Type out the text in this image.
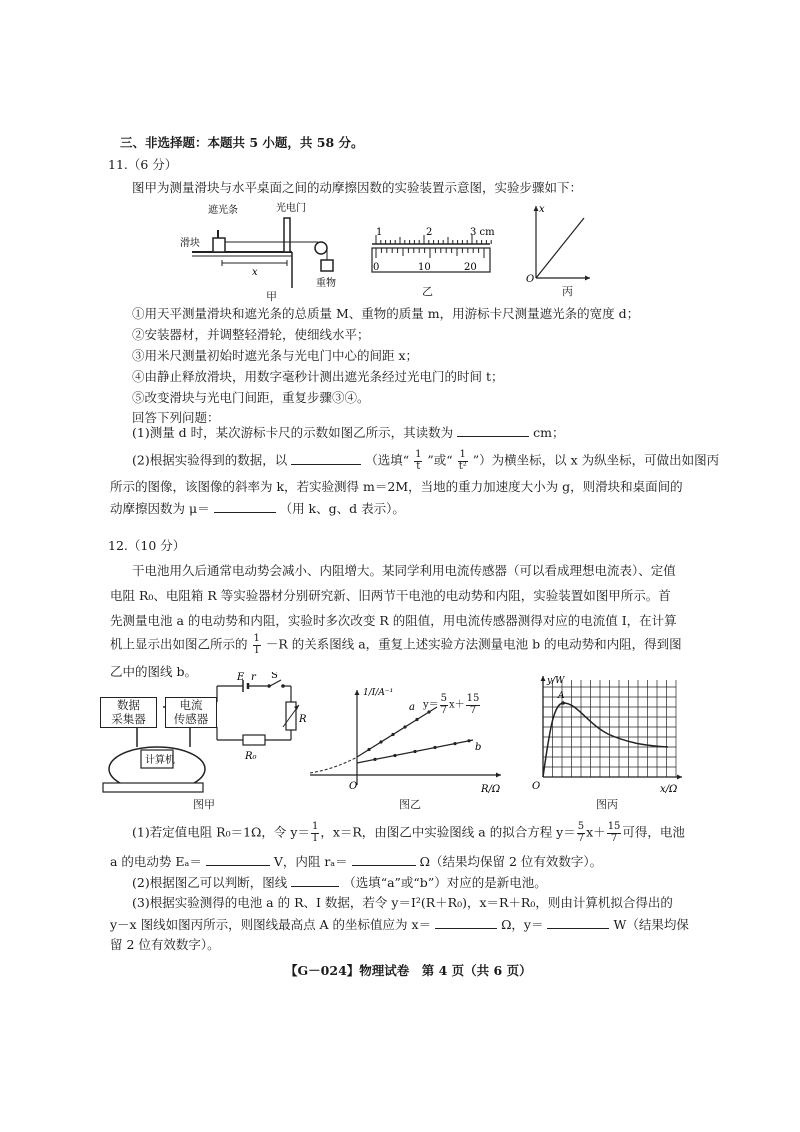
三、非选择题：本题共 5 小题，共 58 分。
11.（6 分）
图甲为测量滑块与水平桌面之间的动摩擦因数的实验装置示意图，实验步骤如下：
x
遮光条	光电门
滑块
重物
甲
1	2	3 cm
0	10	20
乙
x
O
丙
①用天平测量滑块和遮光条的总质量 M、重物的质量 m，用游标卡尺测量遮光条的宽度 d；
②安装器材，并调整轻滑轮，使细线水平；
③用米尺测量初始时遮光条与光电门中心的间距 x；
④由静止释放滑块，用数字毫秒计测出遮光条经过光电门的时间 t；
⑤改变滑块与光电门间距，重复步骤③④。
回答下列问题：
(1)测量 d 时，某次游标卡尺的示数如图乙所示，其读数为	cm；
(2)根据实验得到的数据，以	（选填“ $\frac{1}{t}$ ”或“ $\frac{1}{\text{t²}}$ ”）为横坐标，以 x 为纵坐标，可做出如图丙
所示的图像，该图像的斜率为 k，若实验测得 m＝2M，当地的重力加速度大小为 g，则滑块和桌面间的
动摩擦因数为 μ＝	（用 k、g、d 表示）。
12.（10 分）
干电池用久后通常电动势会减小、内阻增大。某同学利用电流传感器（可以看成理想电流表）、定值
电阻 R₀、电阻箱 R 等实验器材分别研究新、旧两节干电池的电动势和内阻，实验装置如图甲所示。首
先测量电池 a 的电动势和内阻，实验时多次改变 R 的阻值，用电流传感器测得对应的电流值 I，在计算
机上显示出如图乙所示的 $\frac{1}{I} -R$ 的关系图线 a，重复上述实验方法测量电池 b 的电动势和内阻，得到图
乙中的图线 b。	E r S
R
R₀
计算机
数据
采集器
电流
传感器
图甲
1/I/A⁻¹
a
b
O	R/Ω
$y= \frac{5}{7} x+ \frac{15}{7}$
图乙
A
y/W
O	x/Ω
图丙
(1)若定值电阻 R₀＝1Ω，令 $y= \frac{1}{I}$ ，x＝R，由图乙中实验图线 a 的拟合方程 $y= \frac{5}{7} x+ \frac{15}{7}$ 可得，电池
a 的电动势 Eₐ＝	V，内阻 rₐ＝	Ω（结果均保留 2 位有效数字）。
(2)根据图乙可以判断，图线	（选填“a”或“b”）对应的是新电池。
(3)根据实验测得的电池 a 的 R、I 数据，若令 y＝I²(R＋R₀)，x＝R＋R₀，则由计算机拟合得出的
y－x 图线如图丙所示，则图线最高点 A 的坐标值应为 x＝	Ω，y＝	W（结果均保
留 2 位有效数字）。
【G－024】物理试卷　第 4 页（共 6 页）
